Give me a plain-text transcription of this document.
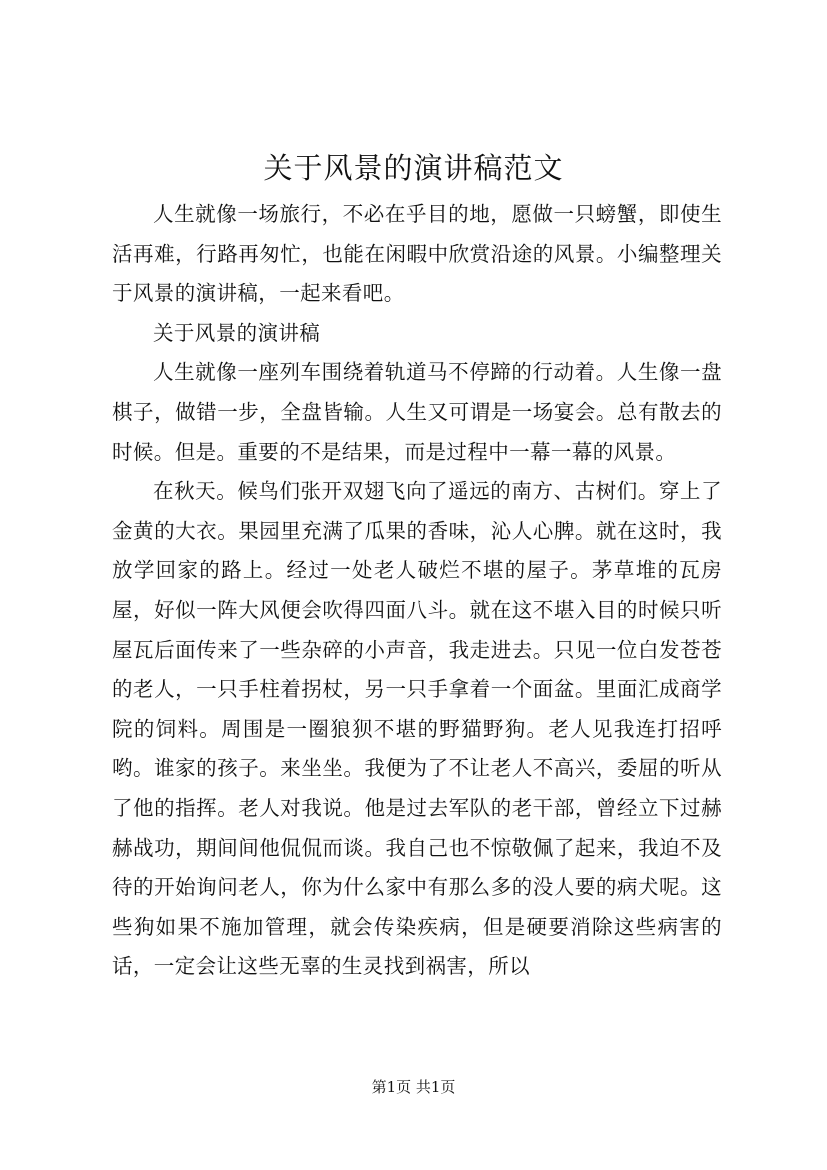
关于风景的演讲稿范文

人生就像一场旅行，不必在乎目的地，愿做一只螃蟹，即使生活再难，行路再匆忙，也能在闲暇中欣赏沿途的风景。小编整理关于风景的演讲稿，一起来看吧。

关于风景的演讲稿

人生就像一座列车围绕着轨道马不停蹄的行动着。人生像一盘棋子，做错一步，全盘皆输。人生又可谓是一场宴会。总有散去的时候。但是。重要的不是结果，而是过程中一幕一幕的风景。

在秋天。候鸟们张开双翅飞向了遥远的南方、古树们。穿上了金黄的大衣。果园里充满了瓜果的香味，沁人心脾。就在这时，我放学回家的路上。经过一处老人破烂不堪的屋子。茅草堆的瓦房屋，好似一阵大风便会吹得四面八斗。就在这不堪入目的时候只听屋瓦后面传来了一些杂碎的小声音，我走进去。只见一位白发苍苍的老人，一只手柱着拐杖，另一只手拿着一个面盆。里面汇成商学院的饲料。周围是一圈狼狈不堪的野猫野狗。老人见我连打招呼哟。谁家的孩子。来坐坐。我便为了不让老人不高兴，委屈的听从了他的指挥。老人对我说。他是过去军队的老干部，曾经立下过赫赫战功，期间间他侃侃而谈。我自己也不惊敬佩了起来，我迫不及待的开始询问老人，你为什么家中有那么多的没人要的病犬呢。这些狗如果不施加管理，就会传染疾病，但是硬要消除这些病害的话，一定会让这些无辜的生灵找到祸害，所以

第1页 共1页
